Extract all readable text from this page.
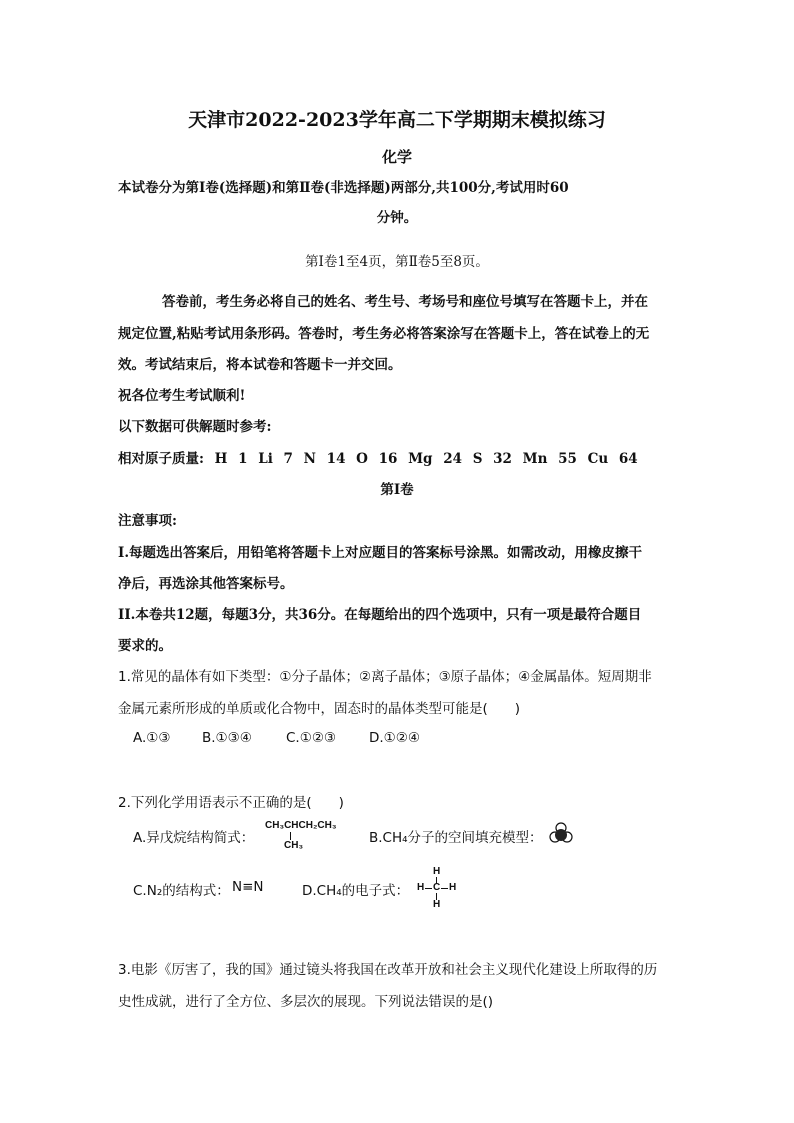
天津市2022-2023学年高二下学期期末模拟练习
化学
本试卷分为第Ⅰ卷(选择题)和第Ⅱ卷(非选择题)两部分,共100分,考试用时60
分钟。
第Ⅰ卷1至4页，第Ⅱ卷5至8页。
答卷前，考生务必将自己的姓名、考生号、考场号和座位号填写在答题卡上，并在
规定位置,粘贴考试用条形码。答卷时，考生务必将答案涂写在答题卡上，答在试卷上的无
效。考试结束后，将本试卷和答题卡一并交回。
祝各位考生考试顺利!
以下数据可供解题时参考:
相对原子质量: H 1 Li 7 N 14 O 16 Mg 24 S 32 Mn 55 Cu 64
第Ⅰ卷
注意事项:
I.每题选出答案后，用铅笔将答题卡上对应题目的答案标号涂黑。如需改动，用橡皮擦干
净后，再选涂其他答案标号。
II.本卷共12题，每题3分，共36分。在每题给出的四个选项中，只有一项是最符合题目
要求的。
1.常见的晶体有如下类型：①分子晶体；②离子晶体；③原子晶体；④金属晶体。短周期非
金属元素所形成的单质或化合物中，固态时的晶体类型可能是(　　)
A.①③ B.①③④	C.①②③ D.①②④
2.下列化学用语表示不正确的是(　　)
A.异戊烷结构简式：
CH₃CHCH₂CH₃
CH₃	B.CH₄分子的空间填充模型：
C.N₂的结构式： N≡N	D.CH₄的电子式：
H
H C H
H
3.电影《厉害了，我的国》通过镜头将我国在改革开放和社会主义现代化建设上所取得的历
史性成就，进行了全方位、多层次的展现。下列说法错误的是()
